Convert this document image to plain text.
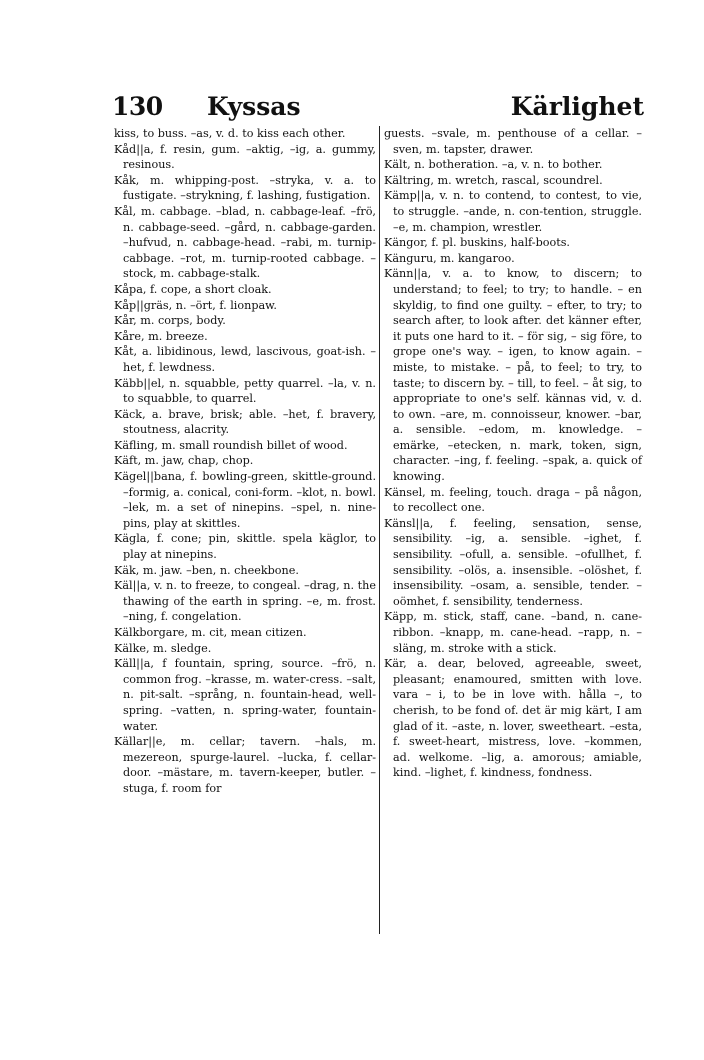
130 Kyssas	Kärlighet

kiss, to buss. –as, v. d. to kiss each other.

Kåd||a, f. resin, gum. –aktig, –ig, a. gummy, resinous.

Kåk, m. whipping-post. –stryka, v. a. to fustigate. –strykning, f. lashing, fustigation.

Kål, m. cabbage. –blad, n. cabbage-leaf. –frö, n. cabbage-seed. –gård, n. cabbage-garden. –hufvud, n. cabbage-head. –rabi, m. turnip-cabbage. –rot, m. turnip-rooted cabbage. –stock, m. cabbage-stalk.

Kåpa, f. cope, a short cloak.

Kåp||gräs, n. –ört, f. lionpaw.

Kår, m. corps, body.

Kåre, m. breeze.

Kåt, a. libidinous, lewd, lascivous, goat-ish. –het, f. lewdness.

Käbb||el, n. squabble, petty quarrel. –la, v. n. to squabble, to quarrel.

Käck, a. brave, brisk; able. –het, f. bravery, stoutness, alacrity.

Käfling, m. small roundish billet of wood.

Käft, m. jaw, chap, chop.

Kägel||bana, f. bowling-green, skittle-ground. –formig, a. conical, coni-form. –klot, n. bowl. –lek, m. a set of ninepins. –spel, n. nine-pins, play at skittles.

Kägla, f. cone; pin, skittle. spela käglor, to play at ninepins.

Käk, m. jaw. –ben, n. cheekbone.

Käl||a, v. n. to freeze, to congeal. –drag, n. the thawing of the earth in spring. –e, m. frost. –ning, f. congelation.

Kälkborgare, m. cit, mean citizen.

Kälke, m. sledge.

Käll||a, f fountain, spring, source. –frö, n. common frog. –krasse, m. water-cress. –salt, n. pit-salt. –språng, n. fountain-head, well-spring. –vatten, n. spring-water, fountain-water.

Källar||e, m. cellar; tavern. –hals, m. mezereon, spurge-laurel. –lucka, f. cellar-door. –mästare, m. tavern-keeper, butler. –stuga, f. room for

guests. –svale, m. penthouse of a cellar. –sven, m. tapster, drawer.

Kält, n. botheration. –a, v. n. to bother.

Kältring, m. wretch, rascal, scoundrel.

Kämp||a, v. n. to contend, to contest, to vie, to struggle. –ande, n. con-tention, struggle. –e, m. champion, wrestler.

Kängor, f. pl. buskins, half-boots.

Känguru, m. kangaroo.

Känn||a, v. a. to know, to discern; to understand; to feel; to try; to handle. – en skyldig, to find one guilty. – efter, to try; to search after, to look after. det känner efter, it puts one hard to it. – för sig, – sig före, to grope one's way. – igen, to know again. – miste, to mistake. – på, to feel; to try, to taste; to discern by. – till, to feel. – åt sig, to appropriate to one's self. kännas vid, v. d. to own. –are, m. connoisseur, knower. –bar, a. sensible. –edom, m. knowledge. –emärke, –etecken, n. mark, token, sign, character. –ing, f. feeling. –spak, a. quick of knowing.

Känsel, m. feeling, touch. draga – på någon, to recollect one.

Känsl||a, f. feeling, sensation, sense, sensibility. –ig, a. sensible. –ighet, f. sensibility. –ofull, a. sensible. –ofullhet, f. sensibility. –olös, a. insensible. –olöshet, f. insensibility. –osam, a. sensible, tender. –oömhet, f. sensibility, tenderness.

Käpp, m. stick, staff, cane. –band, n. cane-ribbon. –knapp, m. cane-head. –rapp, n. –släng, m. stroke with a stick.

Kär, a. dear, beloved, agreeable, sweet, pleasant; enamoured, smitten with love. vara – i, to be in love with. hålla –, to cherish, to be fond of. det är mig kärt, I am glad of it. –aste, n. lover, sweetheart. –esta, f. sweet-heart, mistress, love. –kommen, ad. welkome. –lig, a. amorous; amiable, kind. –lighet, f. kindness, fondness.
